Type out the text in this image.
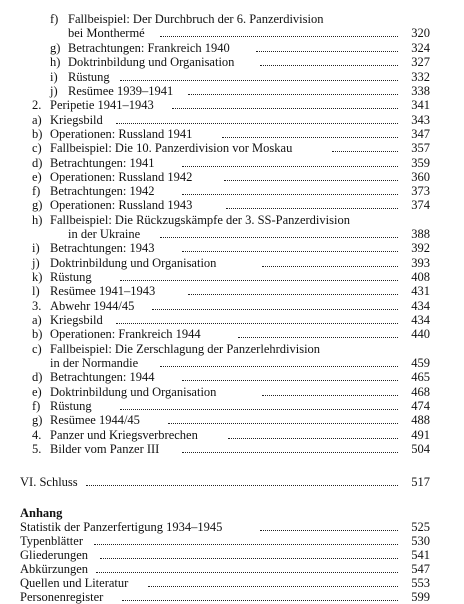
f) Fallbeispiel: Der Durchbruch der 6. Panzerdivision
bei Monthermé	320
g) Betrachtungen: Frankreich 1940	324
h) Doktrinbildung und Organisation	327
i) Rüstung	332
j) Resümee 1939–1941	338
2. Peripetie 1941–1943	341
a) Kriegsbild	343
b) Operationen: Russland 1941	347
c) Fallbeispiel: Die 10. Panzerdivision vor Moskau	357
d) Betrachtungen: 1941	359
e) Operationen: Russland 1942	360
f) Betrachtungen: 1942	373
g) Operationen: Russland 1943	374
h) Fallbeispiel: Die Rückzugskämpfe der 3. SS-Panzerdivision
in der Ukraine	388
i) Betrachtungen: 1943	392
j) Doktrinbildung und Organisation	393
k) Rüstung	408
l) Resümee 1941–1943	431
3. Abwehr 1944/45	434
a) Kriegsbild	434
b) Operationen: Frankreich 1944	440
c) Fallbeispiel: Die Zerschlagung der Panzerlehrdivision
in der Normandie	459
d) Betrachtungen: 1944	465
e) Doktrinbildung und Organisation	468
f) Rüstung	474
g) Resümee 1944/45	488
4. Panzer und Kriegsverbrechen	491
5. Bilder vom Panzer III	504
VI. Schluss	517
Anhang
Statistik der Panzerfertigung 1934–1945	525
Typenblätter	530
Gliederungen	541
Abkürzungen	547
Quellen und Literatur	553
Personenregister	599
